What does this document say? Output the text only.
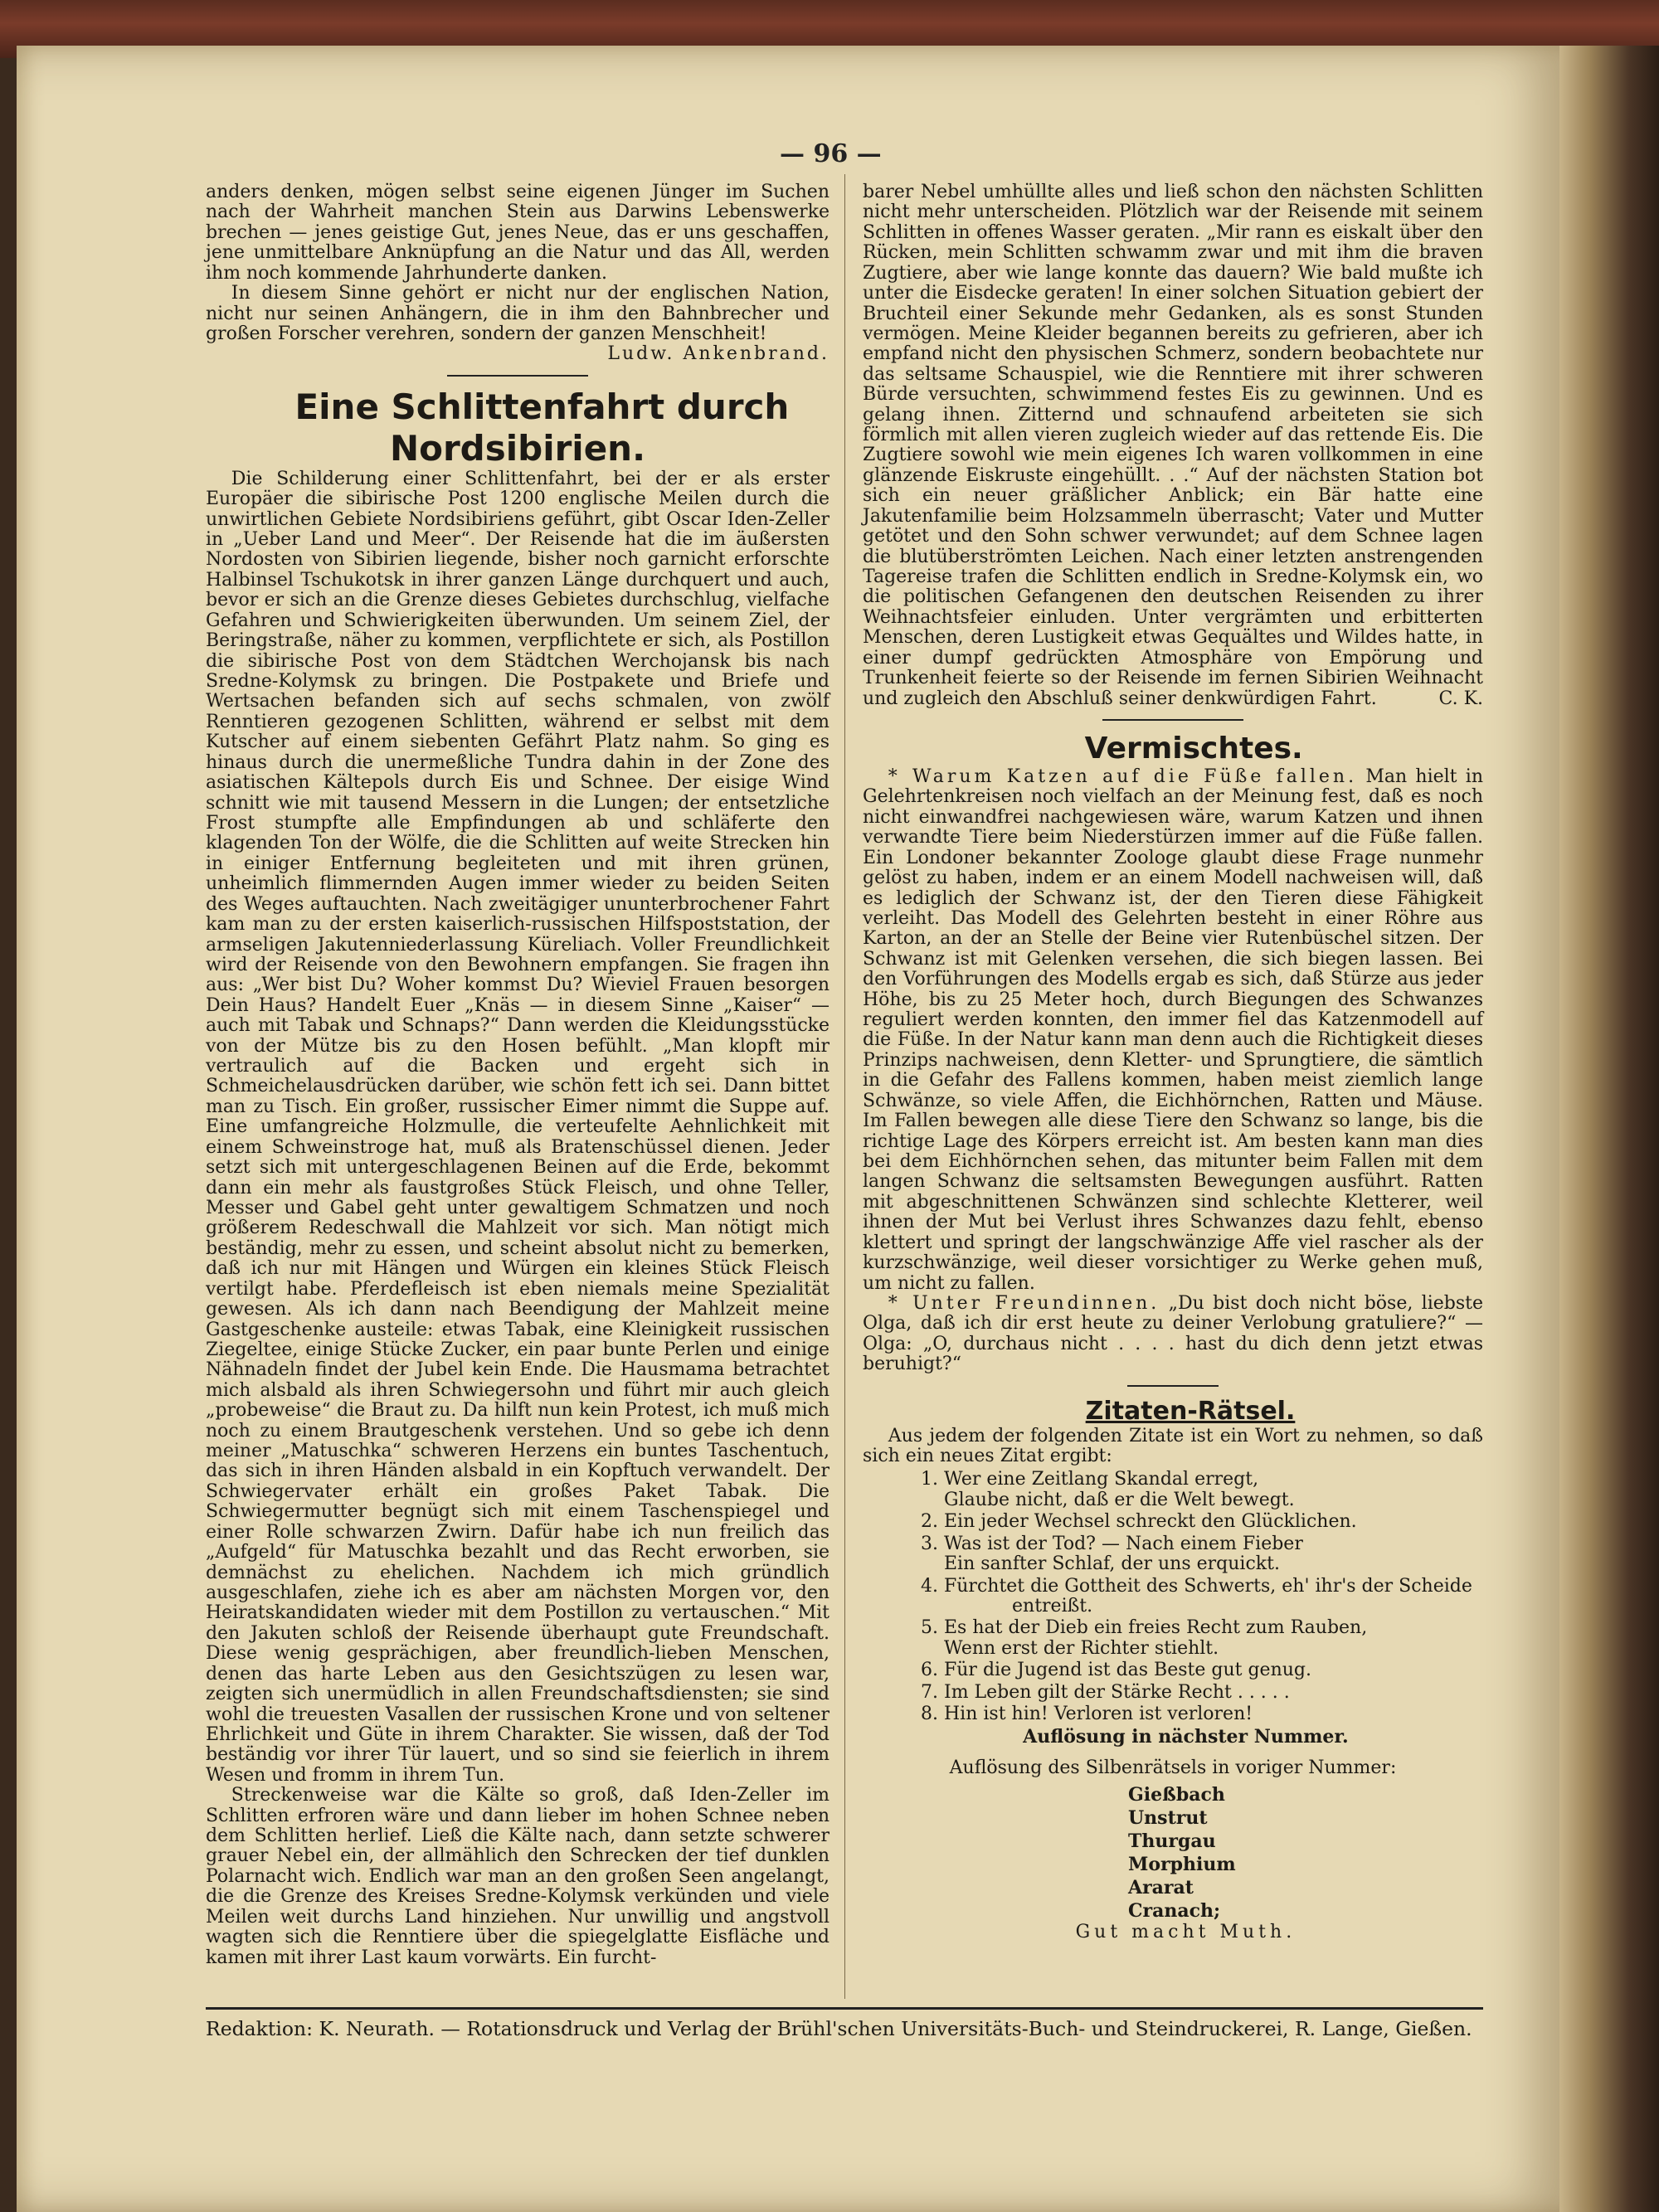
— 96 —

anders denken, mögen selbst seine eigenen Jünger im Suchen nach der Wahrheit manchen Stein aus Darwins Lebenswerke brechen — jenes geistige Gut, jenes Neue, das er uns geschaffen, jene unmittelbare Anknüpfung an die Natur und das All, werden ihm noch kommende Jahrhunderte danken.

In diesem Sinne gehört er nicht nur der englischen Nation, nicht nur seinen Anhängern, die in ihm den Bahnbrecher und großen Forscher verehren, sondern der ganzen Menschheit!

Ludw. Ankenbrand.

Eine Schlittenfahrt durch Nordsibirien.

Die Schilderung einer Schlittenfahrt, bei der er als erster Europäer die sibirische Post 1200 englische Meilen durch die unwirtlichen Gebiete Nordsibiriens geführt, gibt Oscar Iden-Zeller in „Ueber Land und Meer“. Der Reisende hat die im äußersten Nordosten von Sibirien liegende, bisher noch garnicht erforschte Halbinsel Tschukotsk in ihrer ganzen Länge durchquert und auch, bevor er sich an die Grenze dieses Gebietes durchschlug, vielfache Gefahren und Schwierigkeiten überwunden. Um seinem Ziel, der Beringstraße, näher zu kommen, verpflichtete er sich, als Postillon die sibirische Post von dem Städtchen Werchojansk bis nach Sredne-Kolymsk zu bringen. Die Postpakete und Briefe und Wertsachen befanden sich auf sechs schmalen, von zwölf Renntieren gezogenen Schlitten, während er selbst mit dem Kutscher auf einem siebenten Gefährt Platz nahm. So ging es hinaus durch die unermeßliche Tundra dahin in der Zone des asiatischen Kältepols durch Eis und Schnee. Der eisige Wind schnitt wie mit tausend Messern in die Lungen; der entsetzliche Frost stumpfte alle Empfindungen ab und schläferte den klagenden Ton der Wölfe, die die Schlitten auf weite Strecken hin in einiger Entfernung begleiteten und mit ihren grünen, unheimlich flimmernden Augen immer wieder zu beiden Seiten des Weges auftauchten. Nach zweitägiger ununterbrochener Fahrt kam man zu der ersten kaiserlich-russischen Hilfspoststation, der armseligen Jakutenniederlassung Küreliach. Voller Freundlichkeit wird der Reisende von den Bewohnern empfangen. Sie fragen ihn aus: „Wer bist Du? Woher kommst Du? Wieviel Frauen besorgen Dein Haus? Handelt Euer „Knäs — in diesem Sinne „Kaiser“ — auch mit Tabak und Schnaps?“ Dann werden die Kleidungsstücke von der Mütze bis zu den Hosen befühlt. „Man klopft mir vertraulich auf die Backen und ergeht sich in Schmeichelausdrücken darüber, wie schön fett ich sei. Dann bittet man zu Tisch. Ein großer, russischer Eimer nimmt die Suppe auf. Eine umfangreiche Holzmulle, die verteufelte Aehnlichkeit mit einem Schweinstroge hat, muß als Bratenschüssel dienen. Jeder setzt sich mit untergeschlagenen Beinen auf die Erde, bekommt dann ein mehr als faustgroßes Stück Fleisch, und ohne Teller, Messer und Gabel geht unter gewaltigem Schmatzen und noch größerem Redeschwall die Mahlzeit vor sich. Man nötigt mich beständig, mehr zu essen, und scheint absolut nicht zu bemerken, daß ich nur mit Hängen und Würgen ein kleines Stück Fleisch vertilgt habe. Pferdefleisch ist eben niemals meine Spezialität gewesen. Als ich dann nach Beendigung der Mahlzeit meine Gastgeschenke austeile: etwas Tabak, eine Kleinigkeit russischen Ziegeltee, einige Stücke Zucker, ein paar bunte Perlen und einige Nähnadeln findet der Jubel kein Ende. Die Hausmama betrachtet mich alsbald als ihren Schwiegersohn und führt mir auch gleich „probeweise“ die Braut zu. Da hilft nun kein Protest, ich muß mich noch zu einem Brautgeschenk verstehen. Und so gebe ich denn meiner „Matuschka“ schweren Herzens ein buntes Taschentuch, das sich in ihren Händen alsbald in ein Kopftuch verwandelt. Der Schwiegervater erhält ein großes Paket Tabak. Die Schwiegermutter begnügt sich mit einem Taschenspiegel und einer Rolle schwarzen Zwirn. Dafür habe ich nun freilich das „Aufgeld“ für Matuschka bezahlt und das Recht erworben, sie demnächst zu ehelichen. Nachdem ich mich gründlich ausgeschlafen, ziehe ich es aber am nächsten Morgen vor, den Heiratskandidaten wieder mit dem Postillon zu vertauschen.“ Mit den Jakuten schloß der Reisende überhaupt gute Freundschaft. Diese wenig gesprächigen, aber freundlich-lieben Menschen, denen das harte Leben aus den Gesichtszügen zu lesen war, zeigten sich unermüdlich in allen Freundschaftsdiensten; sie sind wohl die treuesten Vasallen der russischen Krone und von seltener Ehrlichkeit und Güte in ihrem Charakter. Sie wissen, daß der Tod beständig vor ihrer Tür lauert, und so sind sie feierlich in ihrem Wesen und fromm in ihrem Tun.

Streckenweise war die Kälte so groß, daß Iden-Zeller im Schlitten erfroren wäre und dann lieber im hohen Schnee neben dem Schlitten herlief. Ließ die Kälte nach, dann setzte schwerer grauer Nebel ein, der allmählich den Schrecken der tief dunklen Polarnacht wich. Endlich war man an den großen Seen angelangt, die die Grenze des Kreises Sredne-Kolymsk verkünden und viele Meilen weit durchs Land hinziehen. Nur unwillig und angstvoll wagten sich die Renntiere über die spiegelglatte Eisfläche und kamen mit ihrer Last kaum vorwärts. Ein furcht-

barer Nebel umhüllte alles und ließ schon den nächsten Schlitten nicht mehr unterscheiden. Plötzlich war der Reisende mit seinem Schlitten in offenes Wasser geraten. „Mir rann es eiskalt über den Rücken, mein Schlitten schwamm zwar und mit ihm die braven Zugtiere, aber wie lange konnte das dauern? Wie bald mußte ich unter die Eisdecke geraten! In einer solchen Situation gebiert der Bruchteil einer Sekunde mehr Gedanken, als es sonst Stunden vermögen. Meine Kleider begannen bereits zu gefrieren, aber ich empfand nicht den physischen Schmerz, sondern beobachtete nur das seltsame Schauspiel, wie die Renntiere mit ihrer schweren Bürde versuchten, schwimmend festes Eis zu gewinnen. Und es gelang ihnen. Zitternd und schnaufend arbeiteten sie sich förmlich mit allen vieren zugleich wieder auf das rettende Eis. Die Zugtiere sowohl wie mein eigenes Ich waren vollkommen in eine glänzende Eiskruste eingehüllt. . .“ Auf der nächsten Station bot sich ein neuer gräßlicher Anblick; ein Bär hatte eine Jakutenfamilie beim Holzsammeln überrascht; Vater und Mutter getötet und den Sohn schwer verwundet; auf dem Schnee lagen die blutüberströmten Leichen. Nach einer letzten anstrengenden Tagereise trafen die Schlitten endlich in Sredne-Kolymsk ein, wo die politischen Gefangenen den deutschen Reisenden zu ihrer Weihnachtsfeier einluden. Unter vergrämten und erbitterten Menschen, deren Lustigkeit etwas Gequältes und Wildes hatte, in einer dumpf gedrückten Atmosphäre von Empörung und Trunkenheit feierte so der Reisende im fernen Sibirien Weihnacht und zugleich den Abschluß seiner denkwürdigen Fahrt.	C. K.

Vermischtes.

* Warum Katzen auf die Füße fallen. Man hielt in Gelehrtenkreisen noch vielfach an der Meinung fest, daß es noch nicht einwandfrei nachgewiesen wäre, warum Katzen und ihnen verwandte Tiere beim Niederstürzen immer auf die Füße fallen. Ein Londoner bekannter Zoologe glaubt diese Frage nunmehr gelöst zu haben, indem er an einem Modell nachweisen will, daß es lediglich der Schwanz ist, der den Tieren diese Fähigkeit verleiht. Das Modell des Gelehrten besteht in einer Röhre aus Karton, an der an Stelle der Beine vier Rutenbüschel sitzen. Der Schwanz ist mit Gelenken versehen, die sich biegen lassen. Bei den Vorführungen des Modells ergab es sich, daß Stürze aus jeder Höhe, bis zu 25 Meter hoch, durch Biegungen des Schwanzes reguliert werden konnten, den immer fiel das Katzenmodell auf die Füße. In der Natur kann man denn auch die Richtigkeit dieses Prinzips nachweisen, denn Kletter- und Sprungtiere, die sämtlich in die Gefahr des Fallens kommen, haben meist ziemlich lange Schwänze, so viele Affen, die Eichhörnchen, Ratten und Mäuse. Im Fallen bewegen alle diese Tiere den Schwanz so lange, bis die richtige Lage des Körpers erreicht ist. Am besten kann man dies bei dem Eichhörnchen sehen, das mitunter beim Fallen mit dem langen Schwanz die seltsamsten Bewegungen ausführt. Ratten mit abgeschnittenen Schwänzen sind schlechte Kletterer, weil ihnen der Mut bei Verlust ihres Schwanzes dazu fehlt, ebenso klettert und springt der langschwänzige Affe viel rascher als der kurzschwänzige, weil dieser vorsichtiger zu Werke gehen muß, um nicht zu fallen.

* Unter Freundinnen. „Du bist doch nicht böse, liebste Olga, daß ich dir erst heute zu deiner Verlobung gratuliere?“ — Olga: „O, durchaus nicht . . . . hast du dich denn jetzt etwas beruhigt?“

Zitaten-Rätsel.

Aus jedem der folgenden Zitate ist ein Wort zu nehmen, so daß sich ein neues Zitat ergibt:

1. Wer eine Zeitlang Skandal erregt,
Glaube nicht, daß er die Welt bewegt.
2. Ein jeder Wechsel schreckt den Glücklichen.
3. Was ist der Tod? — Nach einem Fieber
Ein sanfter Schlaf, der uns erquickt.
4. Fürchtet die Gottheit des Schwerts, eh' ihr's der Scheide
entreißt.
5. Es hat der Dieb ein freies Recht zum Rauben,
Wenn erst der Richter stiehlt.
6. Für die Jugend ist das Beste gut genug.
7. Im Leben gilt der Stärke Recht . . . . .
8. Hin ist hin! Verloren ist verloren!

Auflösung in nächster Nummer.

Auflösung des Silbenrätsels in voriger Nummer:

Gießbach
Unstrut
Thurgau
Morphium
Ararat
Cranach;

Gut macht Muth.

Redaktion: K. Neurath. — Rotationsdruck und Verlag der Brühl'schen Universitäts-Buch- und Steindruckerei, R. Lange, Gießen.
